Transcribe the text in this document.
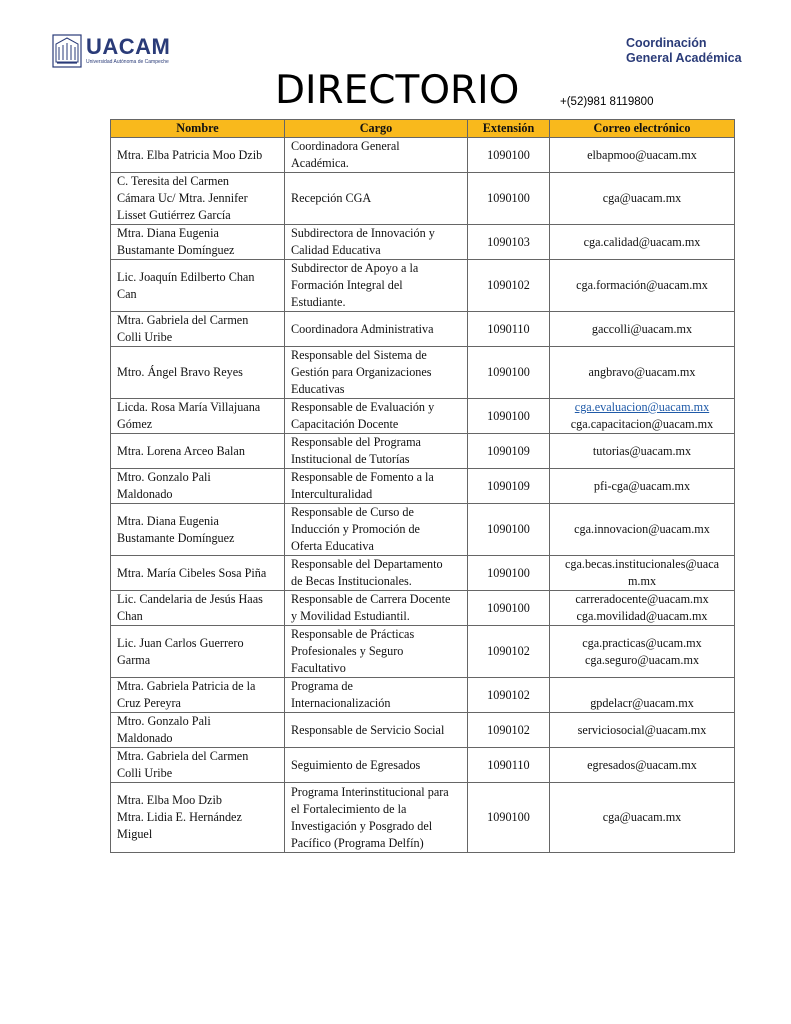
UACAM
Universidad Autónoma de Campeche
Coordinación
General Académica
DIRECTORIO	+(52)981 8119800
Nombre	Cargo	Extensión	Correo electrónico

Mtra. Elba Patricia Moo Dzib	Coordinadora General
Académica.	1090100	elbapmoo@uacam.mx

C. Teresita del Carmen
Cámara Uc/ Mtra. Jennifer
Lisset Gutiérrez García	Recepción CGA	1090100	cga@uacam.mx

Mtra. Diana Eugenia
Bustamante Domínguez	Subdirectora de Innovación y
Calidad Educativa	1090103	cga.calidad@uacam.mx

Lic. Joaquín Edilberto Chan
Can	Subdirector de Apoyo a la
Formación Integral del
Estudiante.	1090102	cga.formación@uacam.mx

Mtra. Gabriela del Carmen
Colli Uribe	Coordinadora Administrativa	1090110	gaccolli@uacam.mx

Mtro. Ángel Bravo Reyes	Responsable del Sistema de
Gestión para Organizaciones
Educativas	1090100	angbravo@uacam.mx

Licda. Rosa María Villajuana
Gómez	Responsable de Evaluación y
Capacitación Docente	1090100	cga.evaluacion@uacam.mx
cga.capacitacion@uacam.mx

Mtra. Lorena Arceo Balan	Responsable del Programa
Institucional de Tutorías	1090109	tutorias@uacam.mx

Mtro. Gonzalo Pali
Maldonado	Responsable de Fomento a la
Interculturalidad	1090109	pfi-cga@uacam.mx

Mtra. Diana Eugenia
Bustamante Domínguez	Responsable de Curso de
Inducción y Promoción de
Oferta Educativa	1090100	cga.innovacion@uacam.mx

Mtra. María Cibeles Sosa Piña	Responsable del Departamento
de Becas Institucionales.	1090100	cga.becas.institucionales@uaca
m.mx

Lic. Candelaria de Jesús Haas
Chan	Responsable de Carrera Docente
y Movilidad Estudiantil.	1090100	carreradocente@uacam.mx
cga.movilidad@uacam.mx

Lic. Juan Carlos Guerrero
Garma	Responsable de Prácticas
Profesionales y Seguro
Facultativo	1090102	cga.practicas@ucam.mx
cga.seguro@uacam.mx

Mtra. Gabriela Patricia de la
Cruz Pereyra	Programa de
Internacionalización	1090102	gpdelacr@uacam.mx

Mtro. Gonzalo Pali
Maldonado	Responsable de Servicio Social	1090102	serviciosocial@uacam.mx

Mtra. Gabriela del Carmen
Colli Uribe	Seguimiento de Egresados	1090110	egresados@uacam.mx

Mtra. Elba Moo Dzib
Mtra. Lidia E. Hernández
Miguel	Programa Interinstitucional para
el Fortalecimiento de la
Investigación y Posgrado del
Pacífico (Programa Delfín)	1090100	cga@uacam.mx
